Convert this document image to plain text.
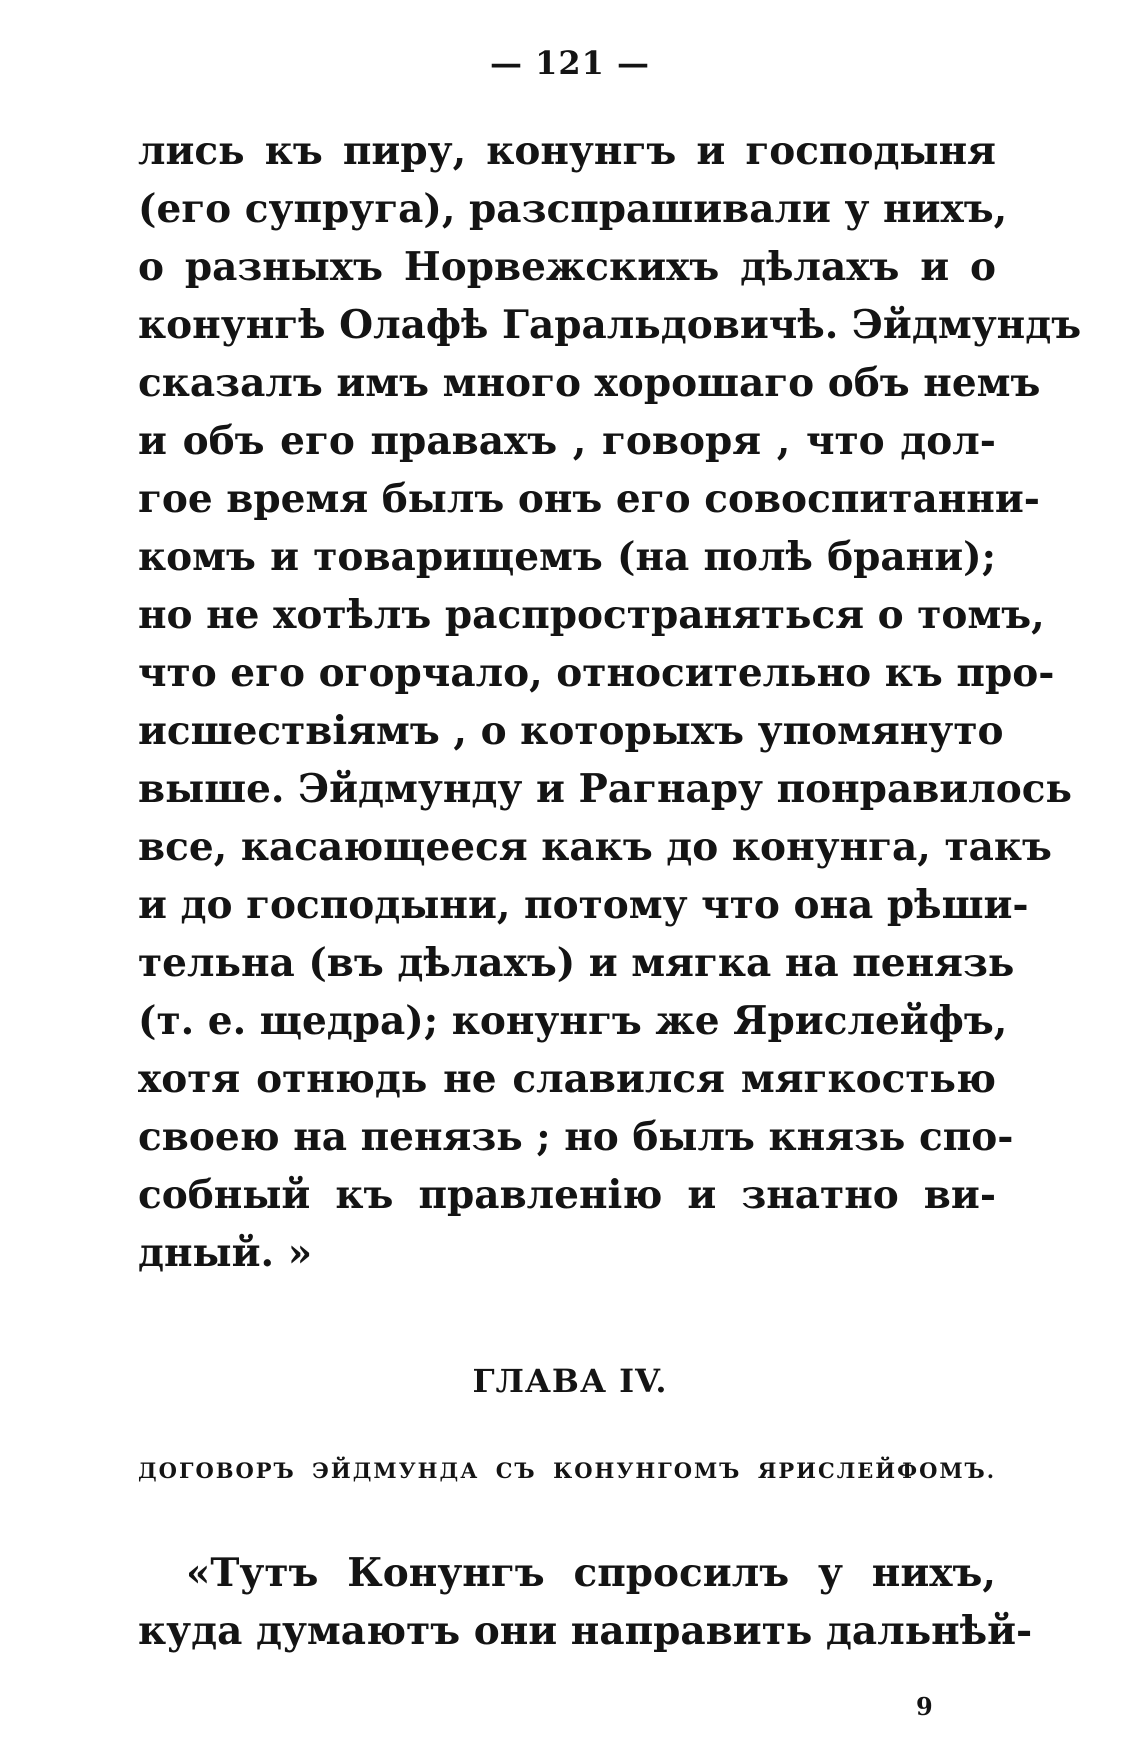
— 121 —
лись къ пиру, конунгъ и господыня
(его супруга), разспрашивали у нихъ,
о разныхъ Норвежскихъ дѣлахъ и о
конунгѣ Олафѣ Гаральдовичѣ. Эйдмундъ
сказалъ имъ много хорошаго объ немъ
и объ его правахъ , говоря , что дол-
гое время былъ онъ его совоспитанни-
комъ и товарищемъ (на полѣ брани);
но не хотѣлъ распространяться о томъ,
что его огорчало, относительно къ про-
исшествіямъ , о которыхъ упомянуто
выше. Эйдмунду и Рагнару понравилось
все, касающееся какъ до конунга, такъ
и до господыни, потому что она рѣши-
тельна (въ дѣлахъ) и мягка на пенязь
(т. е. щедра); конунгъ же Ярислейфъ,
хотя отнюдь не славился мягкостью
своею на пенязь ; но былъ князь спо-
собный къ правленію и знатно ви-
дный. »
ГЛАВА IV.
ДОГОВОРЪ ЭЙДМУНДА СЪ КОНУНГОМЪ ЯРИСЛЕЙФОМЪ.
«Тутъ Конунгъ спросилъ у нихъ,
куда думаютъ они направить дальнѣй-
9
